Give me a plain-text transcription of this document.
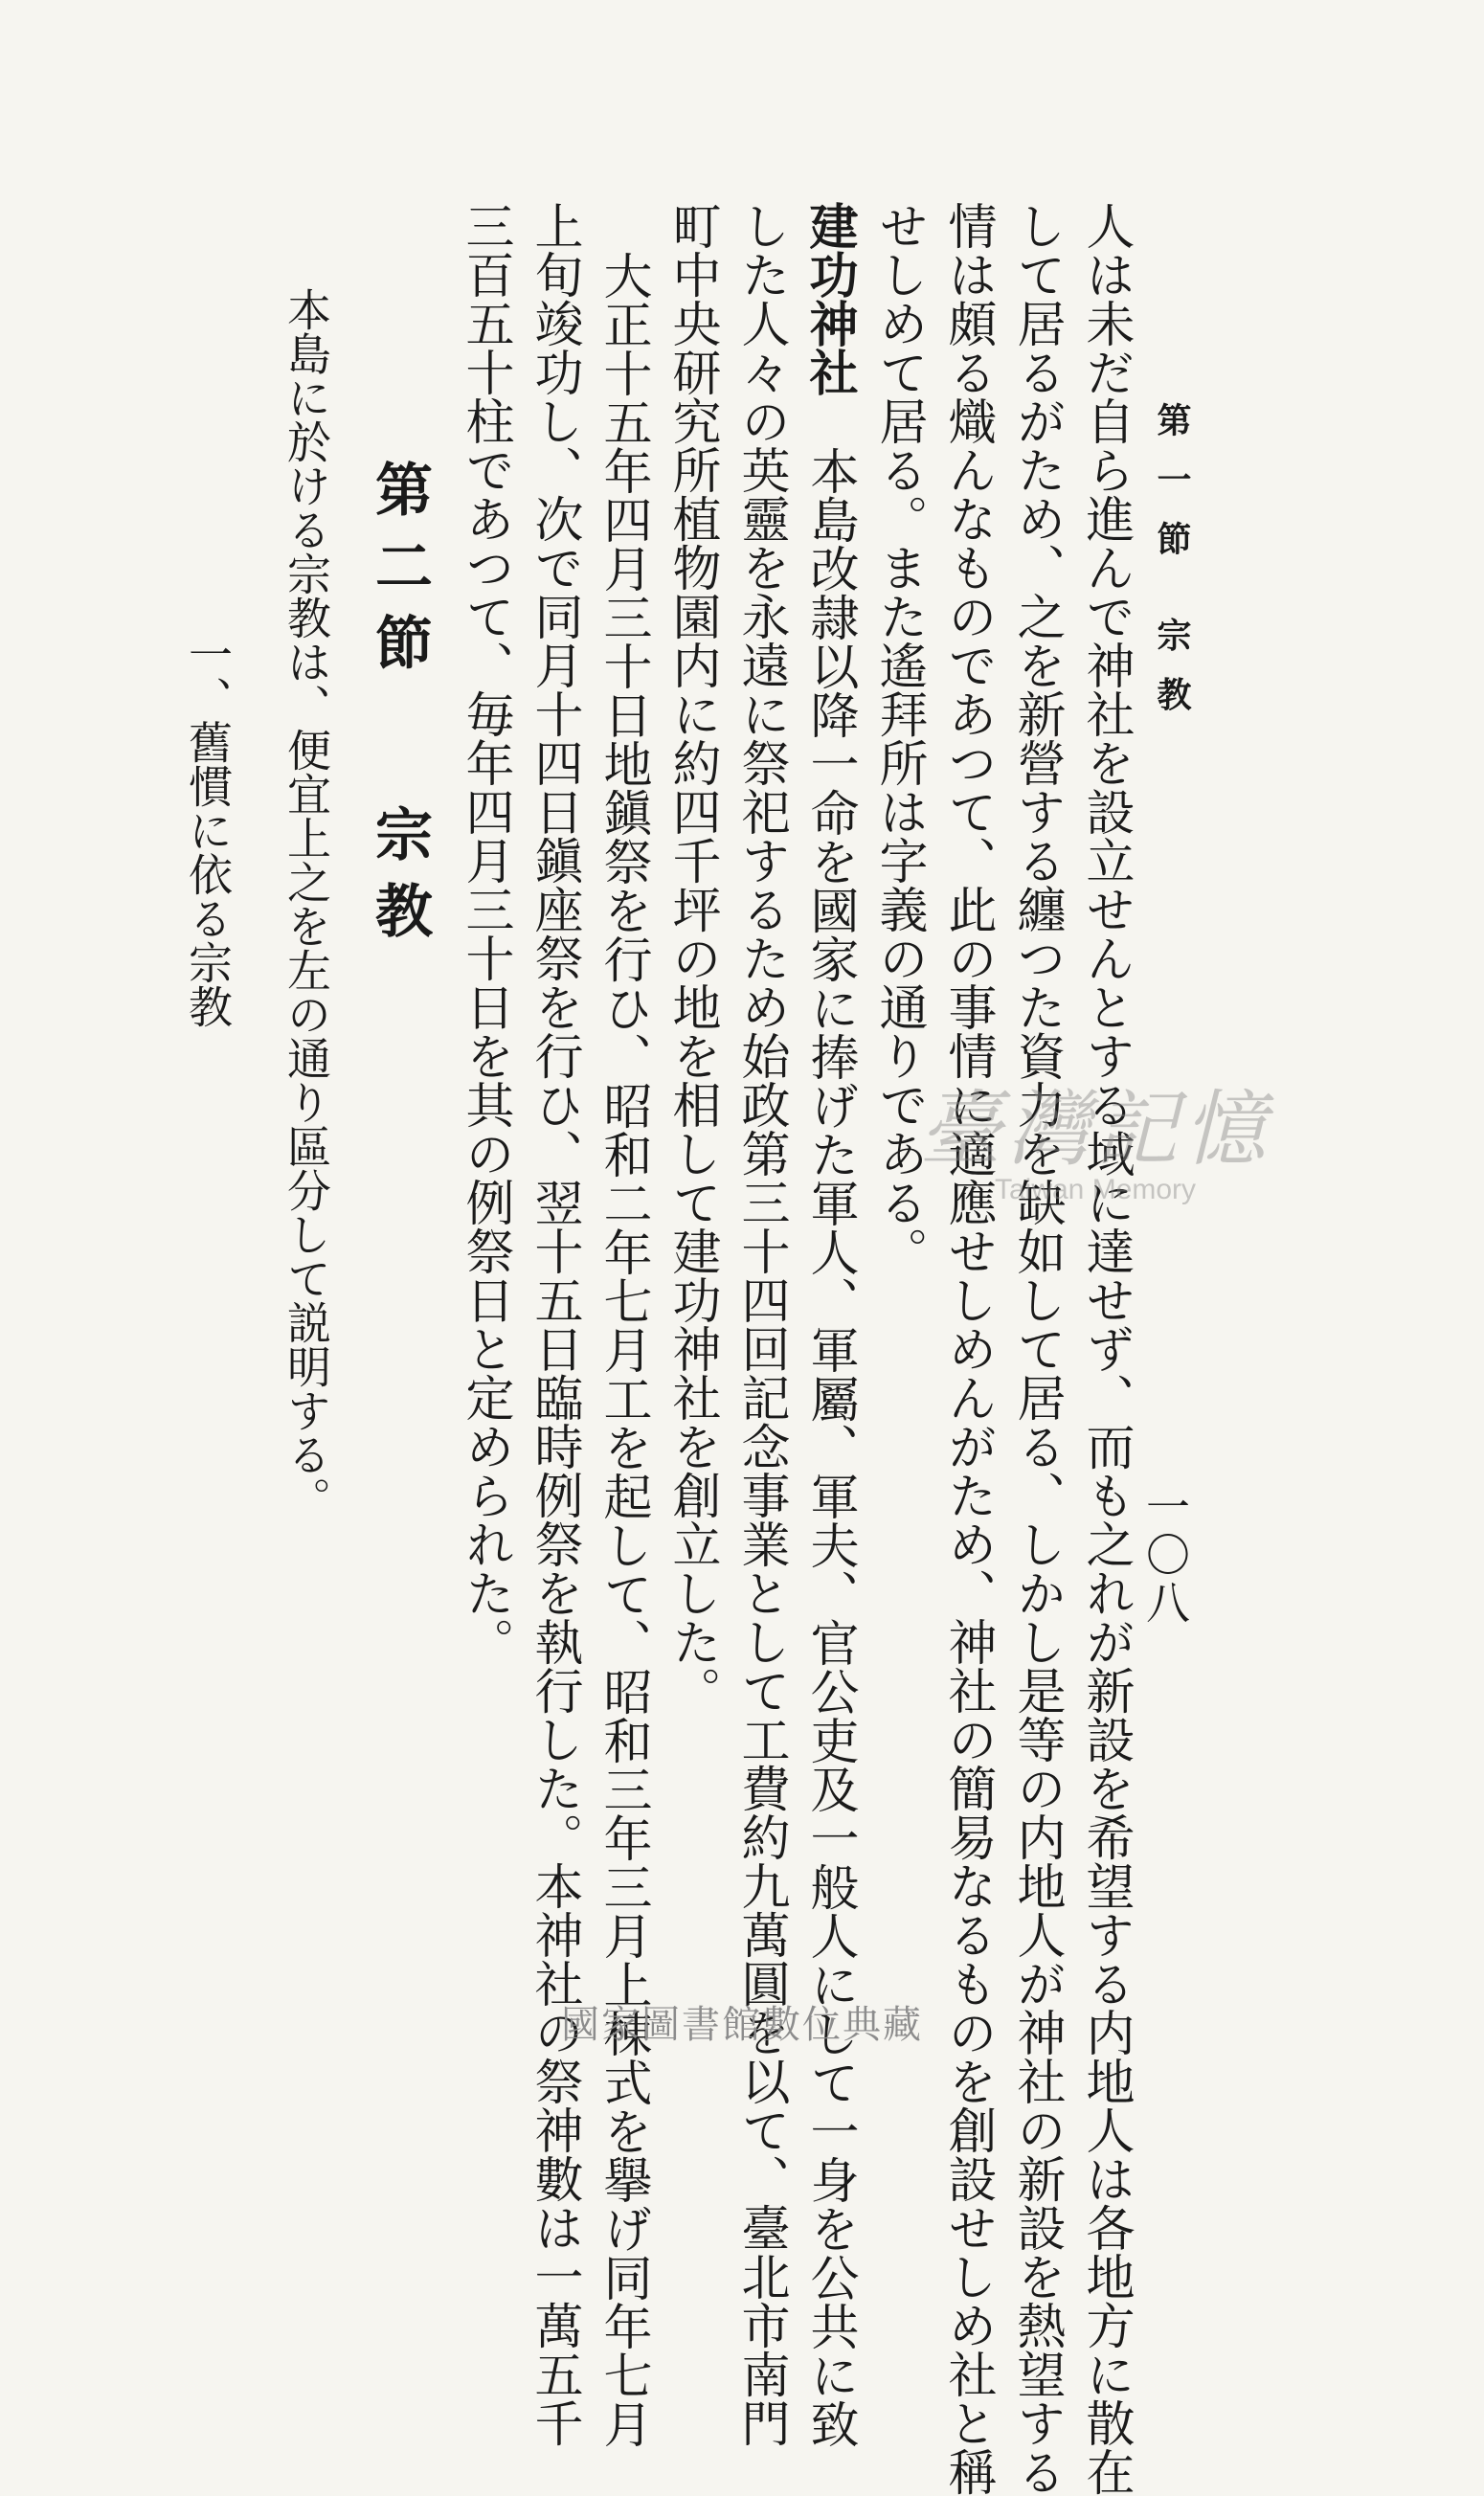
第一節 宗教
一〇八
人は未だ自ら進んで神社を設立せんとする域に達せず、而も之れが新設を希望する内地人は各地方に散在
して居るがため、之を新營する纏つた資力を缺如して居る、しかし是等の内地人が神社の新設を熱望する
情は頗る熾んなものであつて、此の事情に適應せしめんがため、神社の簡易なるものを創設せしめ社と稱
せしめて居る。また遙拜所は字義の通りである。
建功神社本島改隷以降一命を國家に捧げた軍人、軍屬、軍夫、官公吏及一般人にして一身を公共に致
した人々の英靈を永遠に祭祀するため始政第三十四回記念事業として工費約九萬圓を以て、臺北市南門
町中央研究所植物園内に約四千坪の地を相して建功神社を創立した。
大正十五年四月三十日地鎭祭を行ひ、昭和二年七月工を起して、昭和三年三月上棟式を擧げ同年七月
上旬竣功し、次で同月十四日鎭座祭を行ひ、翌十五日臨時例祭を執行した。本神社の祭神數は一萬五千
三百五十柱であつて、毎年四月三十日を其の例祭日と定められた。
第二節宗教
本島に於ける宗教は、便宜上之を左の通り區分して説明する。
一、舊慣に依る宗教
臺灣記憶
Taiwan Memory
國家圖書館數位典藏
